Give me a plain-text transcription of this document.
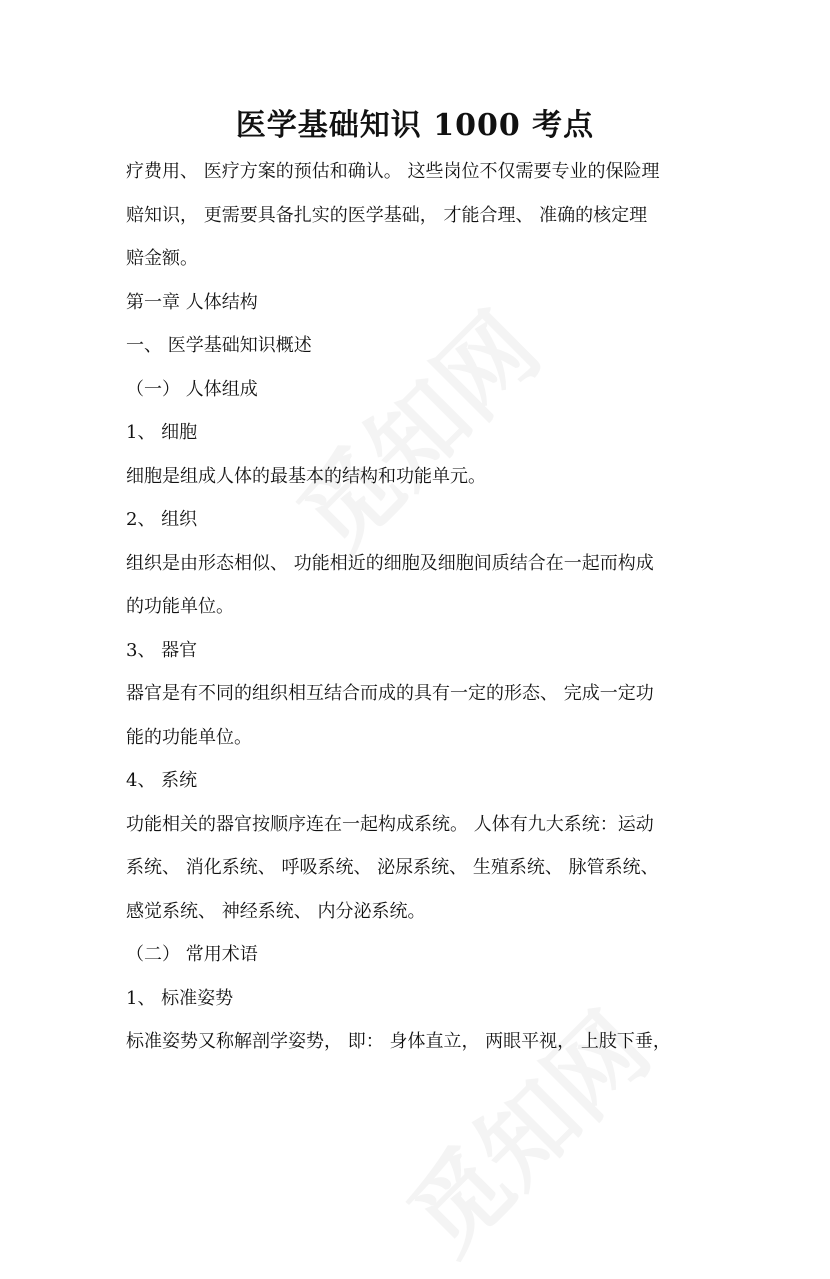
医学基础知识 1000 考点

疗费用、 医疗方案的预估和确认。 这些岗位不仅需要专业的保险理

赔知识， 更需要具备扎实的医学基础， 才能合理、 准确的核定理

赔金额。

第一章 人体结构

一、 医学基础知识概述

（一） 人体组成

1、 细胞

细胞是组成人体的最基本的结构和功能单元。

2、 组织

组织是由形态相似、 功能相近的细胞及细胞间质结合在一起而构成

的功能单位。

3、 器官

器官是有不同的组织相互结合而成的具有一定的形态、 完成一定功

能的功能单位。

4、 系统

功能相关的器官按顺序连在一起构成系统。 人体有九大系统：运动

系统、 消化系统、 呼吸系统、 泌尿系统、 生殖系统、 脉管系统、

感觉系统、 神经系统、 内分泌系统。

（二） 常用术语

1、 标准姿势

标准姿势又称解剖学姿势， 即： 身体直立， 两眼平视， 上肢下垂，
